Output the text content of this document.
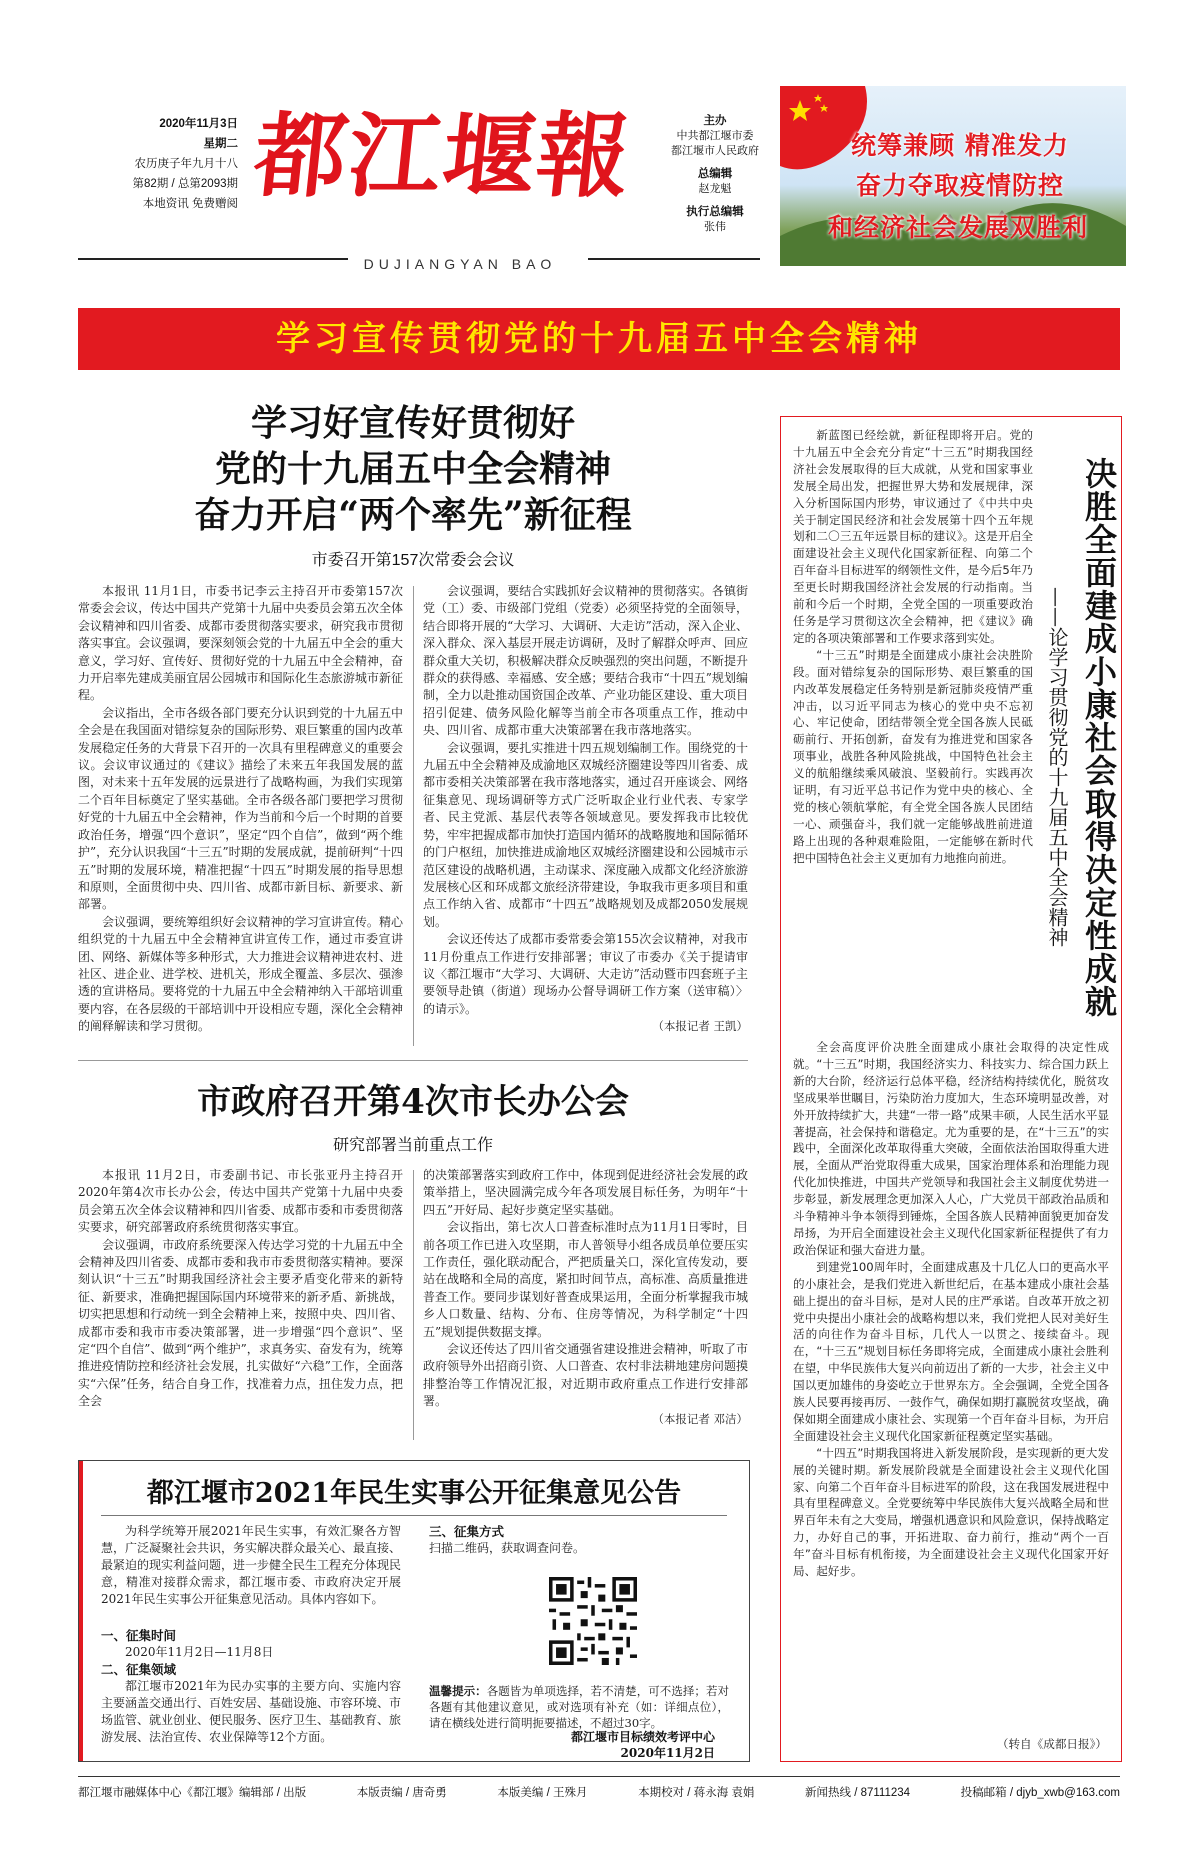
2020年11月3日
星期二
农历庚子年九月十八
第82期 / 总第2093期
本地资讯 免费赠阅 都江堰報
DUJIANGYAN BAO
主办
中共都江堰市委
都江堰市人民政府
总编辑
赵龙魁
执行总编辑
张伟
统筹兼顾 精准发力
奋力夺取疫情防控
和经济社会发展双胜利
学习宣传贯彻党的十九届五中全会精神
学习好宣传好贯彻好
党的十九届五中全会精神
奋力开启“两个率先”新征程
市委召开第157次常委会会议

本报讯 11月1日，市委书记李云主持召开市委第157次常委会会议，传达中国共产党第十九届中央委员会第五次全体会议精神和四川省委、成都市委贯彻落实要求，研究我市贯彻落实事宜。会议强调，要深刻领会党的十九届五中全会的重大意义，学习好、宣传好、贯彻好党的十九届五中全会精神，奋力开启率先建成美丽宜居公园城市和国际化生态旅游城市新征程。

会议指出，全市各级各部门要充分认识到党的十九届五中全会是在我国面对错综复杂的国际形势、艰巨繁重的国内改革发展稳定任务的大背景下召开的一次具有里程碑意义的重要会议。会议审议通过的《建议》描绘了未来五年我国发展的蓝图，对未来十五年发展的远景进行了战略构画，为我们实现第二个百年目标奠定了坚实基础。全市各级各部门要把学习贯彻好党的十九届五中全会精神，作为当前和今后一个时期的首要政治任务，增强“四个意识”，坚定“四个自信”，做到“两个维护”，充分认识我国“十三五”时期的发展成就，提前研判“十四五”时期的发展环境，精准把握“十四五”时期发展的指导思想和原则，全面贯彻中央、四川省、成都市新目标、新要求、新部署。

会议强调，要统筹组织好会议精神的学习宣讲宣传。精心组织党的十九届五中全会精神宣讲宣传工作，通过市委宣讲团、网络、新媒体等多种形式，大力推进会议精神进农村、进社区、进企业、进学校、进机关，形成全覆盖、多层次、强渗透的宣讲格局。要将党的十九届五中全会精神纳入干部培训重要内容，在各层级的干部培训中开设相应专题，深化全会精神的阐释解读和学习贯彻。

会议强调，要结合实践抓好会议精神的贯彻落实。各镇街党（工）委、市级部门党组（党委）必须坚持党的全面领导，结合即将开展的“大学习、大调研、大走访”活动，深入企业、深入群众、深入基层开展走访调研，及时了解群众呼声、回应群众重大关切，积极解决群众反映强烈的突出问题，不断提升群众的获得感、幸福感、安全感；要结合我市“十四五”规划编制，全力以赴推动国资国企改革、产业功能区建设、重大项目招引促建、债务风险化解等当前全市各项重点工作，推动中央、四川省、成都市重大决策部署在我市落地落实。

会议强调，要扎实推进十四五规划编制工作。围绕党的十九届五中全会精神及成渝地区双城经济圈建设等四川省委、成都市委相关决策部署在我市落地落实，通过召开座谈会、网络征集意见、现场调研等方式广泛听取企业行业代表、专家学者、民主党派、基层代表等各领域意见。要发挥我市比较优势，牢牢把握成都市加快打造国内循环的战略腹地和国际循环的门户枢纽，加快推进成渝地区双城经济圈建设和公园城市示范区建设的战略机遇，主动谋求、深度融入成都文化经济旅游发展核心区和环成都文旅经济带建设，争取我市更多项目和重点工作纳入省、成都市“十四五”战略规划及成都2050发展规划。

会议还传达了成都市委常委会第155次会议精神，对我市11月份重点工作进行安排部署；审议了市委办《关于提请审议〈都江堰市“大学习、大调研、大走访”活动暨市四套班子主要领导赴镇（街道）现场办公督导调研工作方案（送审稿）〉的请示》。

（本报记者 王凯）
市政府召开第4次市长办公会
研究部署当前重点工作

本报讯 11月2日，市委副书记、市长张亚丹主持召开2020年第4次市长办公会，传达中国共产党第十九届中央委员会第五次全体会议精神和四川省委、成都市委和市委贯彻落实要求，研究部署政府系统贯彻落实事宜。

会议强调，市政府系统要深入传达学习党的十九届五中全会精神及四川省委、成都市委和我市市委贯彻落实精神。要深刻认识“十三五”时期我国经济社会主要矛盾变化带来的新特征、新要求，准确把握国际国内环境带来的新矛盾、新挑战，切实把思想和行动统一到全会精神上来，按照中央、四川省、成都市委和我市市委决策部署，进一步增强“四个意识”、坚定“四个自信”、做到“两个维护”，求真务实、奋发有为，统筹推进疫情防控和经济社会发展，扎实做好“六稳”工作，全面落实“六保”任务，结合自身工作，找准着力点，扭住发力点，把全会

的决策部署落实到政府工作中，体现到促进经济社会发展的政策举措上，坚决圆满完成今年各项发展目标任务，为明年“十四五”开好局、起好步奠定坚实基础。

会议指出，第七次人口普查标准时点为11月1日零时，目前各项工作已进入攻坚期，市人普领导小组各成员单位要压实工作责任，强化联动配合，严把质量关口，深化宣传发动，要站在战略和全局的高度，紧扣时间节点，高标准、高质量推进普查工作。要同步谋划好普查成果运用，全面分析掌握我市城乡人口数量、结构、分布、住房等情况，为科学制定“十四五”规划提供数据支撑。

会议还传达了四川省交通强省建设推进会精神，听取了市政府领导外出招商引资、人口普查、农村非法耕地建房问题摸排整治等工作情况汇报，对近期市政府重点工作进行安排部署。

（本报记者 邓洁）
都江堰市2021年民生实事公开征集意见公告
为科学统筹开展2021年民生实事，有效汇聚各方智慧，广泛凝聚社会共识，务实解决群众最关心、最直接、最紧迫的现实利益问题，进一步健全民生工程充分体现民意，精准对接群众需求，都江堰市委、市政府决定开展2021年民生实事公开征集意见活动。具体内容如下。
一、征集时间
2020年11月2日—11月8日
二、征集领域
都江堰市2021年为民办实事的主要方向、实施内容主要涵盖交通出行、百姓安居、基础设施、市容环境、市场监管、就业创业、便民服务、医疗卫生、基础教育、旅游发展、法治宣传、农业保障等12个方面。
三、征集方式
扫描二维码，获取调查问卷。
温馨提示：各题皆为单项选择，若不清楚，可不选择；若对各题有其他建议意见，或对选项有补充（如：详细点位），请在横线处进行简明扼要描述，不超过30字。
都江堰市目标绩效考评中心
2020年11月2日

新蓝图已经绘就，新征程即将开启。党的十九届五中全会充分肯定“十三五”时期我国经济社会发展取得的巨大成就，从党和国家事业发展全局出发，把握世界大势和发展规律，深入分析国际国内形势，审议通过了《中共中央关于制定国民经济和社会发展第十四个五年规划和二〇三五年远景目标的建议》。这是开启全面建设社会主义现代化国家新征程、向第二个百年奋斗目标进军的纲领性文件，是今后5年乃至更长时期我国经济社会发展的行动指南。当前和今后一个时期，全党全国的一项重要政治任务是学习贯彻这次全会精神，把《建议》确定的各项决策部署和工作要求落到实处。

“十三五”时期是全面建成小康社会决胜阶段。面对错综复杂的国际形势、艰巨繁重的国内改革发展稳定任务特别是新冠肺炎疫情严重冲击，以习近平同志为核心的党中央不忘初心、牢记使命，团结带领全党全国各族人民砥砺前行、开拓创新，奋发有为推进党和国家各项事业，战胜各种风险挑战，中国特色社会主义的航船继续乘风破浪、坚毅前行。实践再次证明，有习近平总书记作为党中央的核心、全党的核心领航掌舵，有全党全国各族人民团结一心、顽强奋斗，我们就一定能够战胜前进道路上出现的各种艰难险阻，一定能够在新时代把中国特色社会主义更加有力地推向前进。	决胜全面建成小康社会取得决定性成就
——论学习贯彻党的十九届五中全会精神

全会高度评价决胜全面建成小康社会取得的决定性成就。“十三五”时期，我国经济实力、科技实力、综合国力跃上新的大台阶，经济运行总体平稳，经济结构持续优化，脱贫攻坚成果举世瞩目，污染防治力度加大，生态环境明显改善，对外开放持续扩大，共建“一带一路”成果丰硕，人民生活水平显著提高，社会保持和谐稳定。尤为重要的是，在“十三五”的实践中，全面深化改革取得重大突破，全面依法治国取得重大进展，全面从严治党取得重大成果，国家治理体系和治理能力现代化加快推进，中国共产党领导和我国社会主义制度优势进一步彰显，新发展理念更加深入人心，广大党员干部政治品质和斗争精神斗争本领得到锤炼，全国各族人民精神面貌更加奋发昂扬，为开启全面建设社会主义现代化国家新征程提供了有力政治保证和强大奋进力量。

到建党100周年时，全面建成惠及十几亿人口的更高水平的小康社会，是我们党进入新世纪后，在基本建成小康社会基础上提出的奋斗目标，是对人民的庄严承诺。自改革开放之初党中央提出小康社会的战略构想以来，我们党把人民对美好生活的向往作为奋斗目标，几代人一以贯之、接续奋斗。现在，“十三五”规划目标任务即将完成，全面建成小康社会胜利在望，中华民族伟大复兴向前迈出了新的一大步，社会主义中国以更加雄伟的身姿屹立于世界东方。全会强调，全党全国各族人民要再接再厉、一鼓作气，确保如期打赢脱贫攻坚战，确保如期全面建成小康社会、实现第一个百年奋斗目标，为开启全面建设社会主义现代化国家新征程奠定坚实基础。

“十四五”时期我国将进入新发展阶段，是实现新的更大发展的关键时期。新发展阶段就是全面建设社会主义现代化国家、向第二个百年奋斗目标进军的阶段，这在我国发展进程中具有里程碑意义。全党要统筹中华民族伟大复兴战略全局和世界百年未有之大变局，增强机遇意识和风险意识，保持战略定力，办好自己的事，开拓进取、奋力前行，推动“两个一百年”奋斗目标有机衔接，为全面建设社会主义现代化国家开好局、起好步。

（转自《成都日报》）
都江堰市融媒体中心《都江堰》编辑部 / 出版	本版责编 / 唐奇勇	本版美编 / 王殊月	本期校对 / 蒋永海 袁娟	新闻热线 / 87111234	投稿邮箱 / djyb_xwb@163.com
